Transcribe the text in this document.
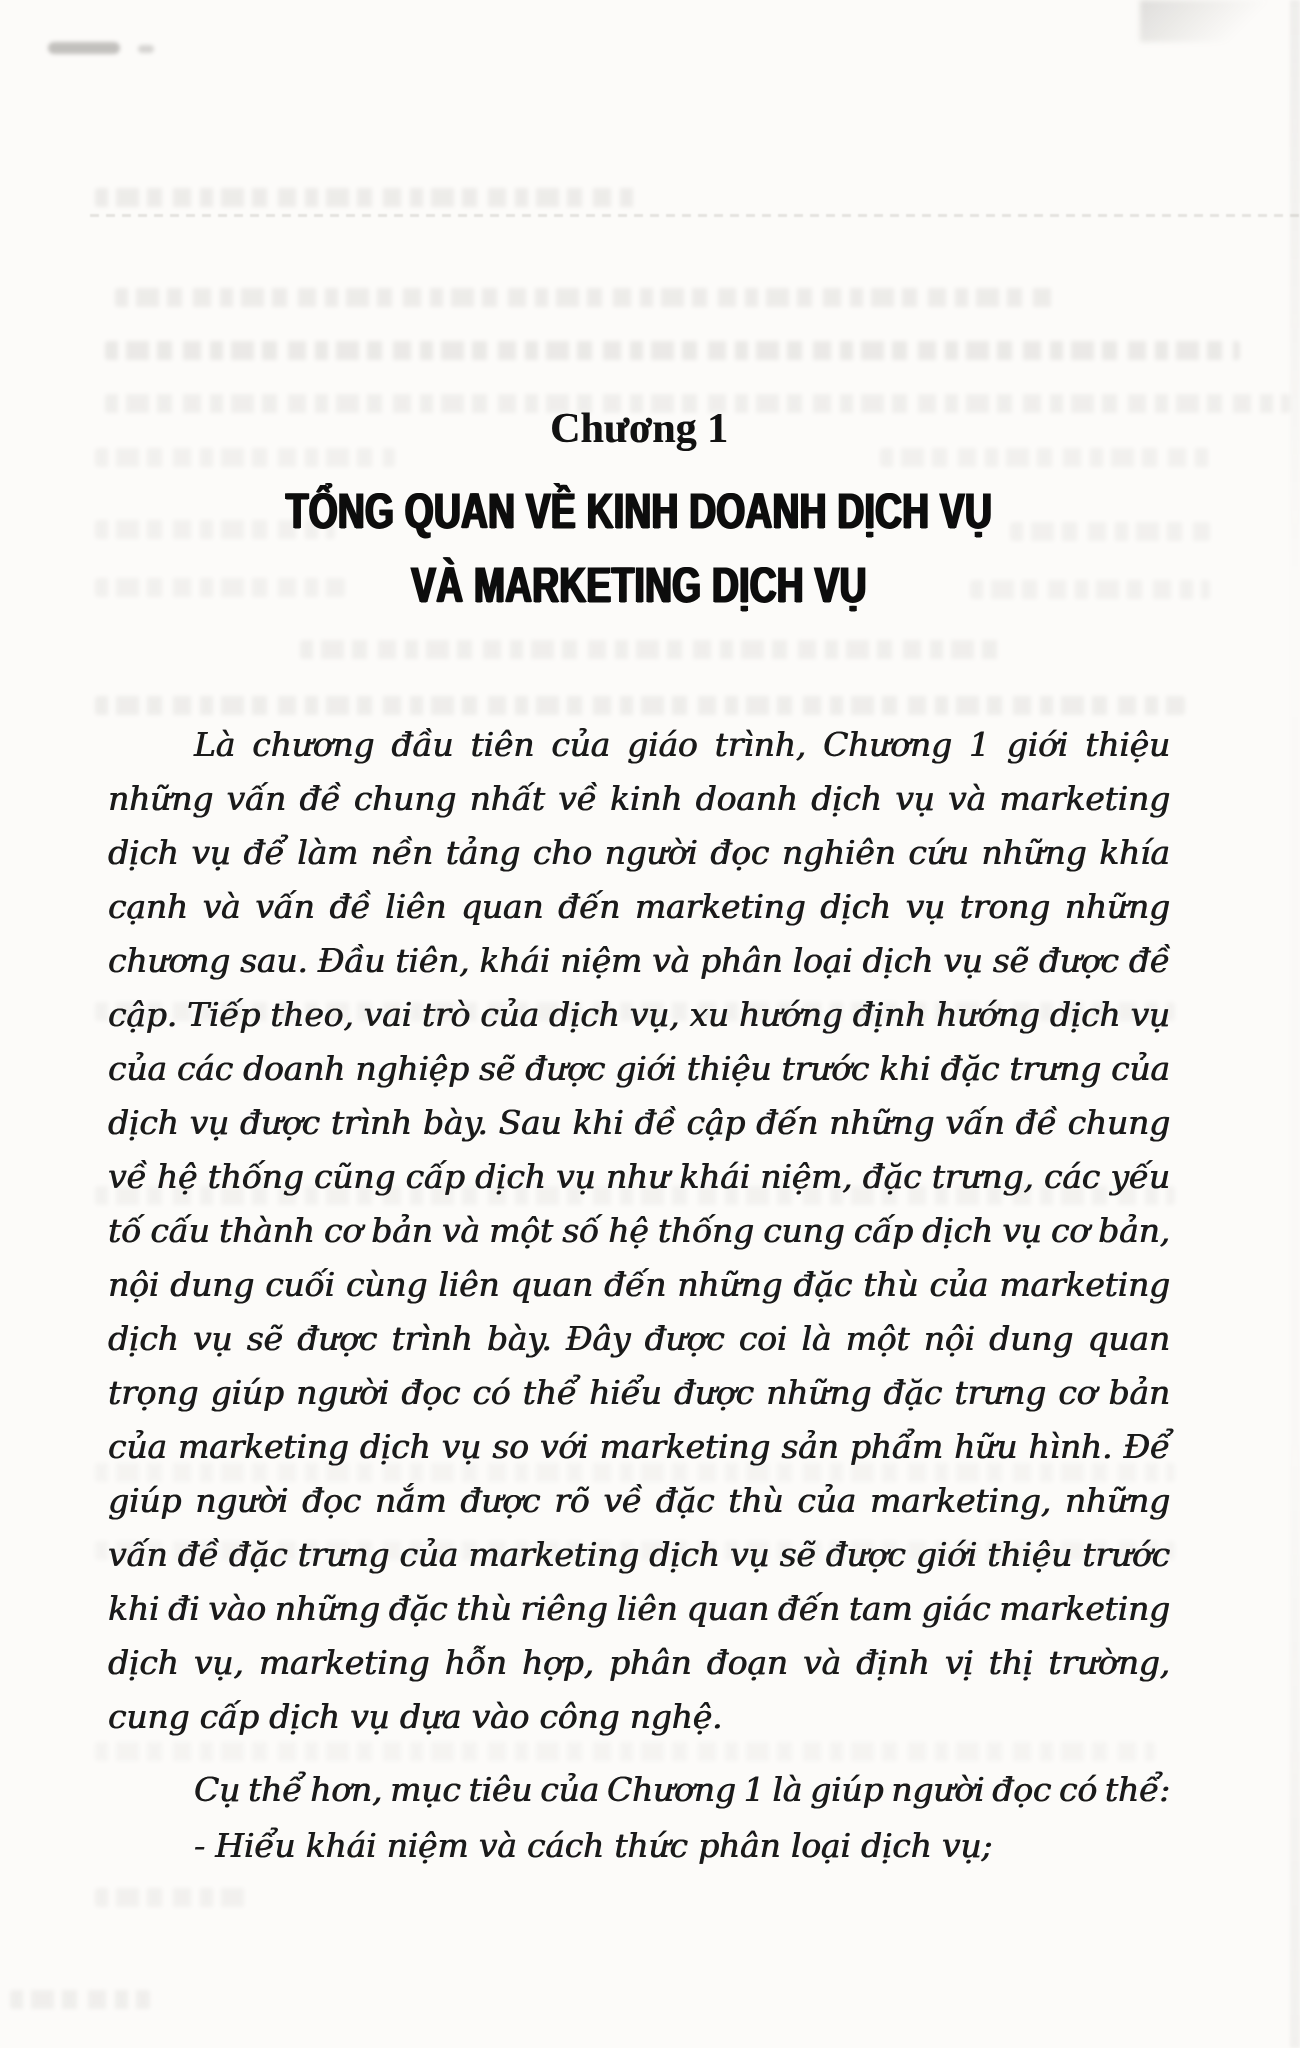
Chương 1
TỔNG QUAN VỀ KINH DOANH DỊCH VỤ
VÀ MARKETING DỊCH VỤ
Là chương đầu tiên của giáo trình, Chương 1 giới thiệu
những vấn đề chung nhất về kinh doanh dịch vụ và marketing
dịch vụ để làm nền tảng cho người đọc nghiên cứu những khía
cạnh và vấn đề liên quan đến marketing dịch vụ trong những
chương sau. Đầu tiên, khái niệm và phân loại dịch vụ sẽ được đề
cập. Tiếp theo, vai trò của dịch vụ, xu hướng định hướng dịch vụ
của các doanh nghiệp sẽ được giới thiệu trước khi đặc trưng của
dịch vụ được trình bày. Sau khi đề cập đến những vấn đề chung
về hệ thống cũng cấp dịch vụ như khái niệm, đặc trưng, các yếu
tố cấu thành cơ bản và một số hệ thống cung cấp dịch vụ cơ bản,
nội dung cuối cùng liên quan đến những đặc thù của marketing
dịch vụ sẽ được trình bày. Đây được coi là một nội dung quan
trọng giúp người đọc có thể hiểu được những đặc trưng cơ bản
của marketing dịch vụ so với marketing sản phẩm hữu hình. Để
giúp người đọc nắm được rõ về đặc thù của marketing, những
vấn đề đặc trưng của marketing dịch vụ sẽ được giới thiệu trước
khi đi vào những đặc thù riêng liên quan đến tam giác marketing
dịch vụ, marketing hỗn hợp, phân đoạn và định vị thị trường,
cung cấp dịch vụ dựa vào công nghệ.
Cụ thể hơn, mục tiêu của Chương 1 là giúp người đọc có thể:
- Hiểu khái niệm và cách thức phân loại dịch vụ;
